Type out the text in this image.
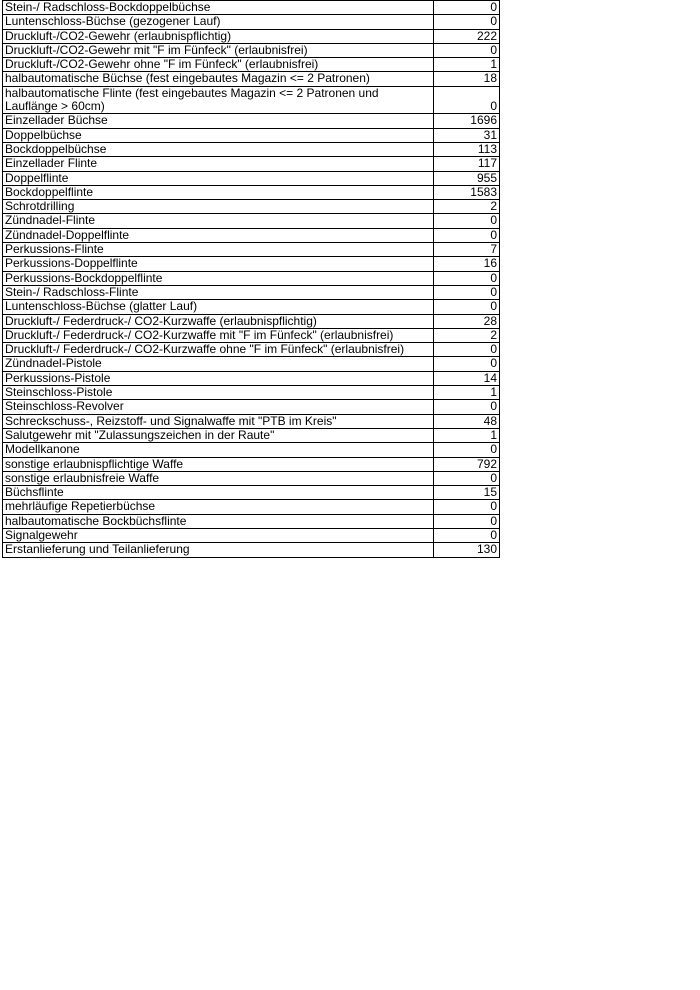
Stein-/ Radschloss-Bockdoppelbüchse	0
Luntenschloss-Büchse (gezogener Lauf)	0
Druckluft-/CO2-Gewehr (erlaubnispflichtig)	222
Druckluft-/CO2-Gewehr mit "F im Fünfeck" (erlaubnisfrei)	0
Druckluft-/CO2-Gewehr ohne "F im Fünfeck" (erlaubnisfrei)	1
halbautomatische Büchse (fest eingebautes Magazin <= 2 Patronen)	18
halbautomatische Flinte (fest eingebautes Magazin <= 2 Patronen und Lauflänge > 60cm)	0
Einzellader Büchse	1696
Doppelbüchse	31
Bockdoppelbüchse	113
Einzellader Flinte	117
Doppelflinte	955
Bockdoppelflinte	1583
Schrotdrilling	2
Zündnadel-Flinte	0
Zündnadel-Doppelflinte	0
Perkussions-Flinte	7
Perkussions-Doppelflinte	16
Perkussions-Bockdoppelflinte	0
Stein-/ Radschloss-Flinte	0
Luntenschloss-Büchse (glatter Lauf)	0
Druckluft-/ Federdruck-/ CO2-Kurzwaffe (erlaubnispflichtig)	28
Druckluft-/ Federdruck-/ CO2-Kurzwaffe mit "F im Fünfeck" (erlaubnisfrei)	2
Druckluft-/ Federdruck-/ CO2-Kurzwaffe ohne "F im Fünfeck" (erlaubnisfrei)	0
Zündnadel-Pistole	0
Perkussions-Pistole	14
Steinschloss-Pistole	1
Steinschloss-Revolver	0
Schreckschuss-, Reizstoff- und Signalwaffe mit "PTB im Kreis"	48
Salutgewehr mit "Zulassungszeichen in der Raute"	1
Modellkanone	0
sonstige erlaubnispflichtige Waffe	792
sonstige erlaubnisfreie Waffe	0
Büchsflinte	15
mehrläufige Repetierbüchse	0
halbautomatische Bockbüchsflinte	0
Signalgewehr	0
Erstanlieferung und Teilanlieferung	130
